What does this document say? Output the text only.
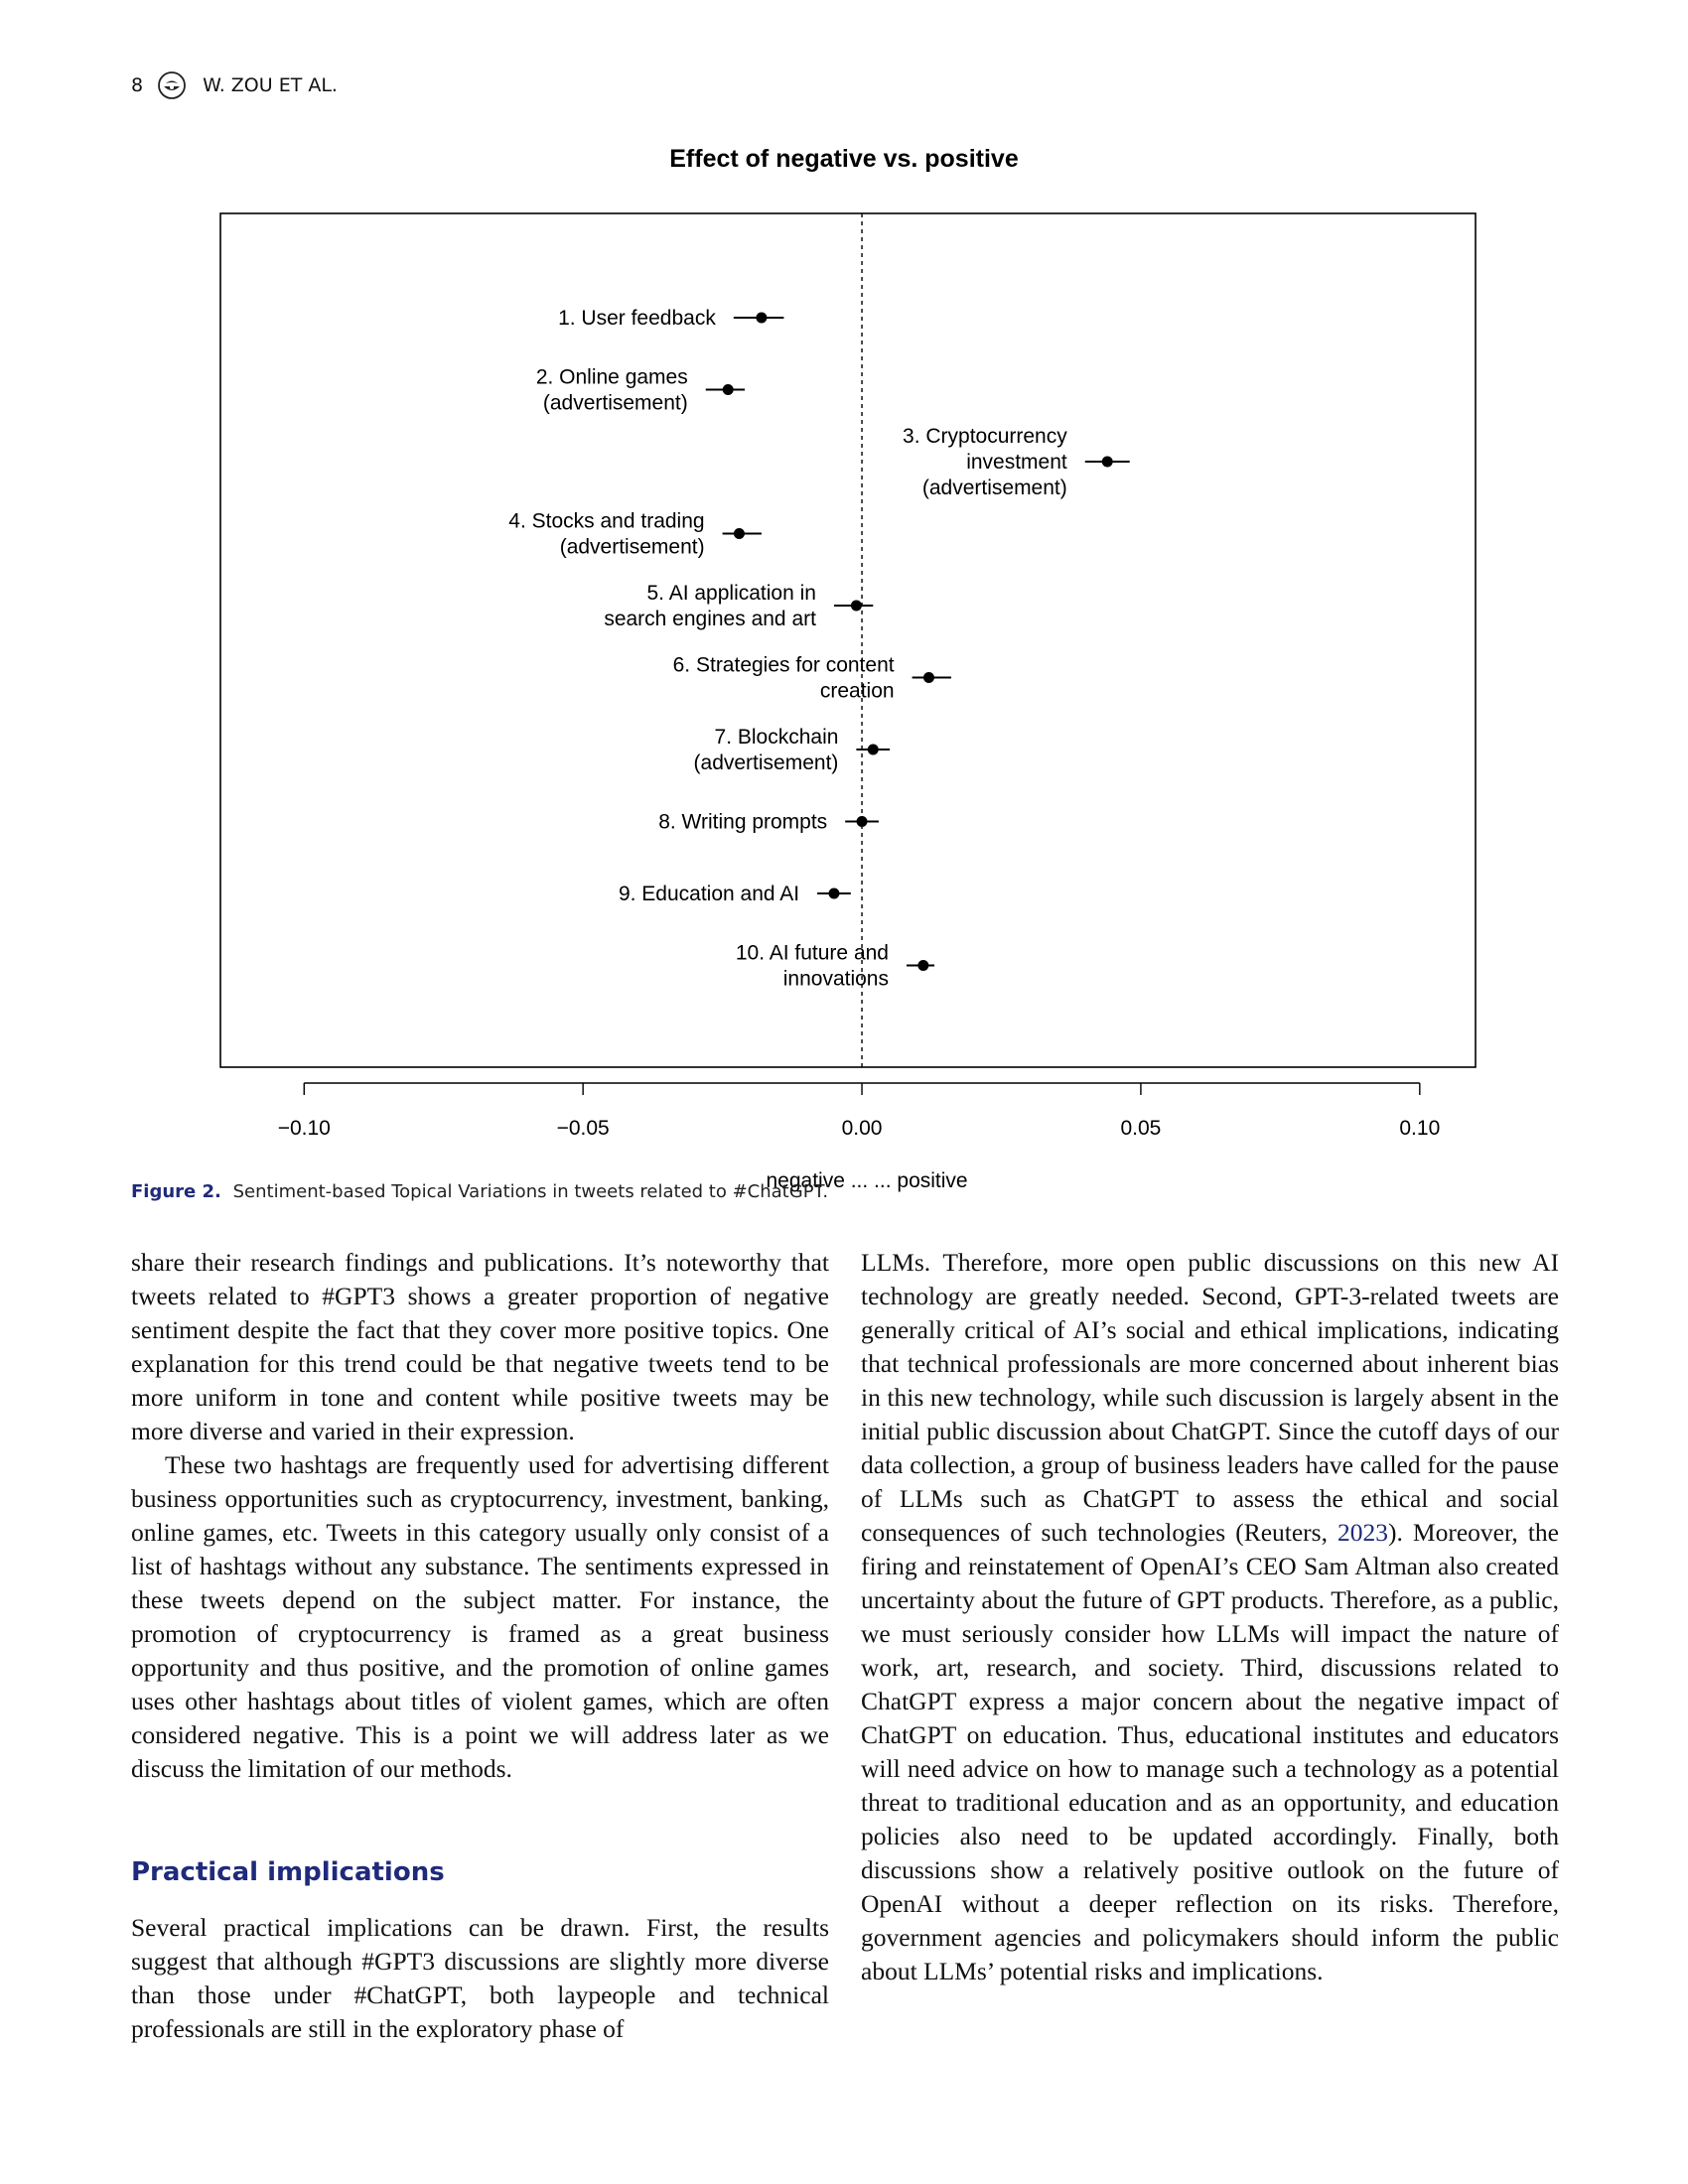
8	W. ZOU ET AL.
Effect of negative vs. positive
−0.10	−0.05	0.00	0.05	0.10
negative ... ... positive
1. User feedback
2. Online games
(advertisement)
3. Cryptocurrency
investment
(advertisement)
4. Stocks and trading
(advertisement)
5. AI application in
search engines and art
6. Strategies for content
creation
7. Blockchain
(advertisement)
8. Writing prompts
9. Education and AI
10. AI future and
innovations
Figure 2. Sentiment-based Topical Variations in tweets related to #ChatGPT.

share their research findings and publications. It’s noteworthy that tweets related to #GPT3 shows a greater proportion of negative sentiment despite the fact that they cover more positive topics. One explanation for this trend could be that negative tweets tend to be more uniform in tone and content while positive tweets may be more diverse and varied in their expression.

These two hashtags are frequently used for advertising different business opportunities such as cryptocurrency, investment, banking, online games, etc. Tweets in this category usually only consist of a list of hashtags without any substance. The sentiments expressed in these tweets depend on the subject matter. For instance, the promotion of cryptocurrency is framed as a great business opportunity and thus positive, and the promotion of online games uses other hashtags about titles of violent games, which are often considered negative. This is a point we will address later as we discuss the limitation of our methods.

Practical implications

Several practical implications can be drawn. First, the results suggest that although #GPT3 discussions are slightly more diverse than those under #ChatGPT, both laypeople and technical professionals are still in the exploratory phase of

LLMs. Therefore, more open public discussions on this new AI technology are greatly needed. Second, GPT-3-related tweets are generally critical of AI’s social and ethical implications, indicating that technical professionals are more concerned about inherent bias in this new technology, while such discussion is largely absent in the initial public discussion about ChatGPT. Since the cutoff days of our data collection, a group of business leaders have called for the pause of LLMs such as ChatGPT to assess the ethical and social consequences of such technologies (Reuters, 2023). Moreover, the firing and reinstatement of OpenAI’s CEO Sam Altman also created uncertainty about the future of GPT products. Therefore, as a public, we must seriously consider how LLMs will impact the nature of work, art, research, and society. Third, discussions related to ChatGPT express a major concern about the negative impact of ChatGPT on education. Thus, educational institutes and educators will need advice on how to manage such a technology as a potential threat to traditional education and as an opportunity, and education policies also need to be updated accordingly. Finally, both discussions show a relatively positive outlook on the future of OpenAI without a deeper reflection on its risks. Therefore, government agencies and policymakers should inform the public about LLMs’ potential risks and implications.
